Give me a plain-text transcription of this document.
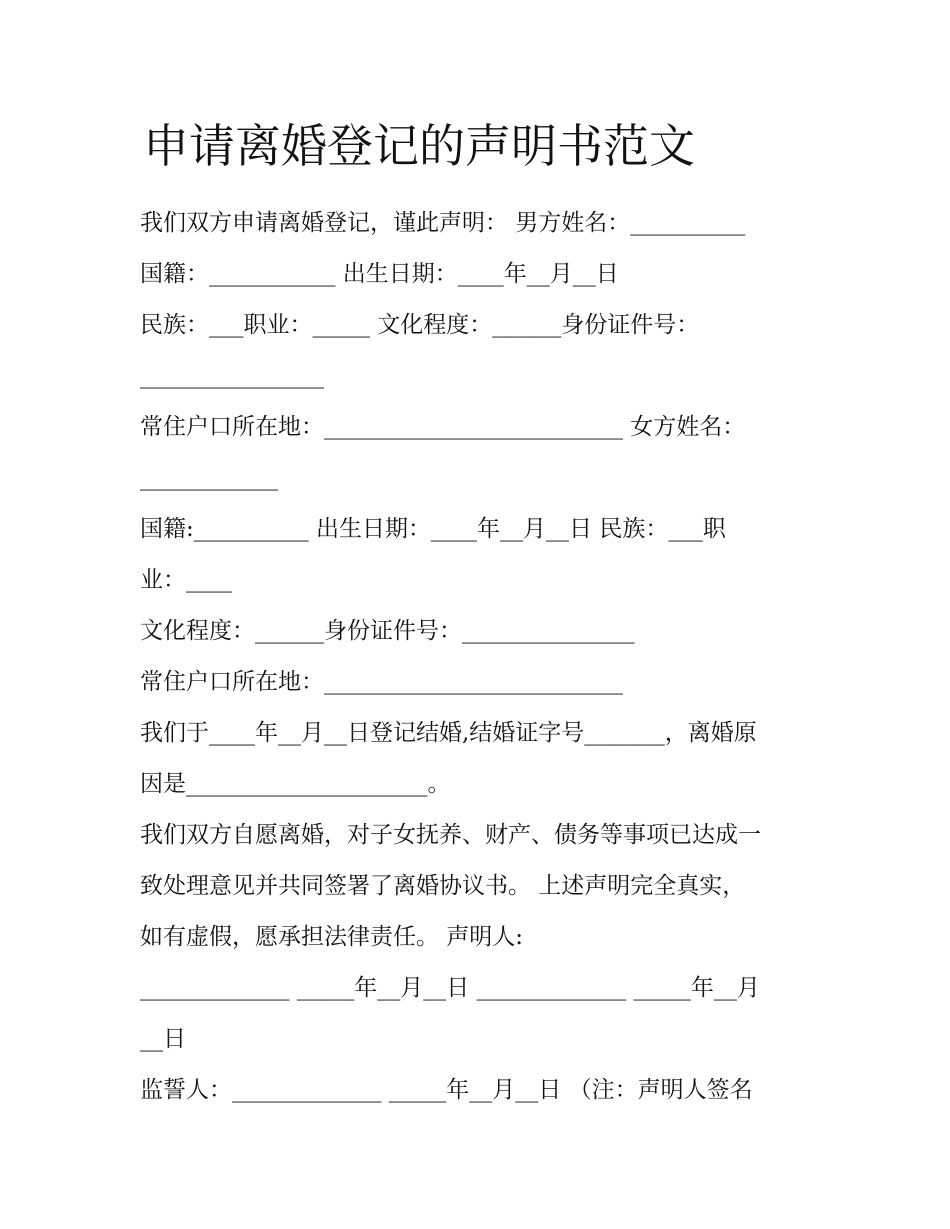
申请离婚登记的声明书范文
我们双方申请离婚登记，谨此声明： 男方姓名：__________
国籍：___________ 出生日期：____年__月__日
民族：___职业：_____ 文化程度：______身份证件号：
________________
常住户口所在地：__________________________ 女方姓名：
____________
国籍:__________ 出生日期：____年__月__日 民族：___职
业：____
文化程度：______身份证件号：_______________
常住户口所在地：__________________________
我们于____年__月__日登记结婚,结婚证字号_______，离婚原
因是_____________________。
我们双方自愿离婚，对子女抚养、财产、债务等事项已达成一
致处理意见并共同签署了离婚协议书。 上述声明完全真实，
如有虚假，愿承担法律责任。 声明人:
_____________ _____年__月__日 _____________ _____年__月
__日
监誓人：_____________ _____年__月__日 （注：声明人签名
